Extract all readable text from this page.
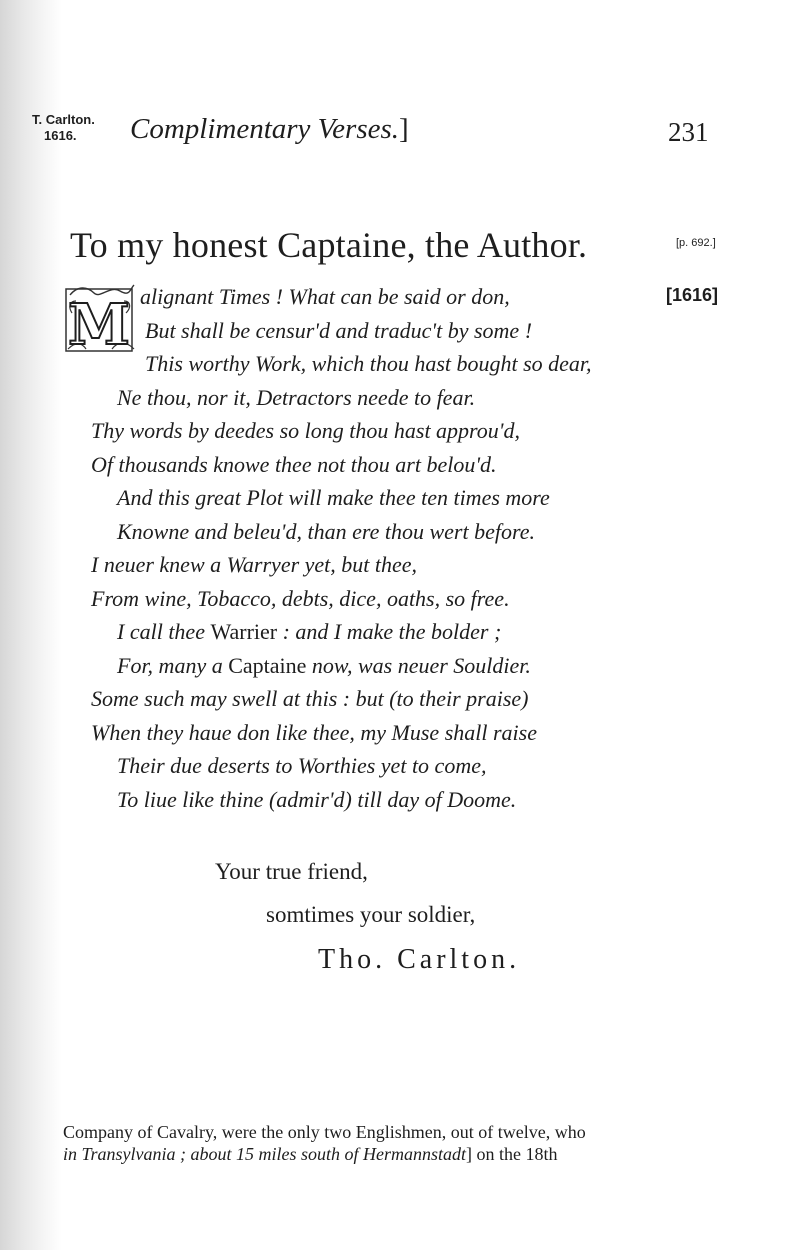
T. Carlton.
1616. Complimentary Verses.]	231
To my honest Captaine, the Author.	[p. 692.]
[1616]
M alignant Times ! What can be said or don,
But shall be censur'd and traduc't by some !
This worthy Work, which thou hast bought so dear,
Ne thou, nor it, Detractors neede to fear.
Thy words by deedes so long thou hast approu'd,
Of thousands knowe thee not thou art belou'd.
And this great Plot will make thee ten times more
Knowne and beleu'd, than ere thou wert before.
I neuer knew a Warryer yet, but thee,
From wine, Tobacco, debts, dice, oaths, so free.
I call thee Warrier : and I make the bolder ;
For, many a Captaine now, was neuer Souldier.
Some such may swell at this : but (to their praise)
When they haue don like thee, my Muse shall raise
Their due deserts to Worthies yet to come,
To liue like thine (admir'd) till day of Doome.
Your true friend,
somtimes your soldier,
Tho. Carlton.
Company of Cavalry, were the only two Englishmen, out of twelve, who
in Transylvania ; about 15 miles south of Hermannstadt] on the 18th
